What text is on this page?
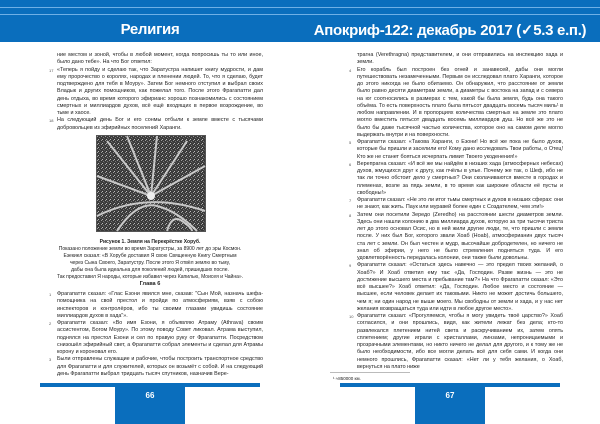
Религия
ние местом и зоной, чтобы в любой момент, когда попросишь ты то или иное, было дано тебе». На что Бог ответил:
17 «Теперь я пойду и сделаю так, что Заратустра напишет книгу мудрости, и дам ему пророчество о королях, народах и пленении людей. То, что я сделаю, будет подтверждено для тебя в Моуру». Затем Бог немного отступил и выбрал своих Владык и других помощников, как пожелал того. После этого Фрагапатти дал день отдыха, во время которого эфирианс хорошо познакомились с состоянием смертных и миллиардов духов, всё ещё входящих в первое возрождение, во тьме и хаосе.
18 На следующий день Бог и его сонмы отбыли к земле вместе с тысячами добровольцев из эфирийных поселений Харанги.
Рисунок 1. Земля на Перекрёстке Хоруб.
Показано положение земли во время Заратустры, за 8900 лет до эры Космон.
Езекиел сказал: «В Хорубе доставил Я свою Священную Книгу Смертным
через Сына Своего, Заратустру. После этого Я отвёл землю во тьму,
дабы она была идеальна для поколений людей, пришедших после.
Так предоставил Я народы, которые избавил через Капилью, Моисея и Чайна».
Глава 6
1 Фрагапатти сказал: «Глас Езони явился мне, сказав: "Сын Мой, назначь шефа-помощника на свой престол и пройди по атмосфериям, взяв с собою инспекторов и контролёров, ибо ты своими глазами увидишь состояние миллиардов духов в хада"».
2 Фрагапатти сказал: «Во имя Езони, я объявляю Атраму (Athrava) своим ассистентом, Богом Моуру». По этому поводу Совет ликовал. Атрама выступил, поднялся на престол Езони и сел по правую руку от Фрагапатти. Посредством снизошёл эфирийный свет, а Фрагапатти собрал элементы и сделал для Атрамы корону и короновал его.
3 Были отправлены служащие и рабочие, чтобы построить транспортное средство для Фрагапатти и для служителей, которых он возьмёт с собой. И на следующий день Фрагапатти выбрал тридцать тысяч спутников, назначив Вере-
66
Апокриф-122: декабрь 2017 (✓5.3 е.п.)
трагна (Verethragna) представителем, и они отправились на инспекцию хада и земли.
4 Его корабль был построен без огней и занавесей, дабы они могли путешествовать незамеченными. Первым он исследовал плато Харанги, которое до этого никогда не было обитаемо. Он обнаружил, что расстояние от земли было равно десяти диаметрам земли, а диаметры с востока на запад и с севера на юг соотносились в размерах с тем, какой бы была земля, будь она такого объёма. То есть поверхность плато была пятьсот двадцать восемь тысяч миль¹ в любом направлении. И в пропорциях количества смертных на земле это плато могло вместить пятьсот двадцать восемь миллиардов душ. Но всё же это не было бы даже тысячной частью количества, которое оно на самом деле могло выдержать внутри и на поверхности.
5 Фрагапатти сказал: «Такова Харанги, о Езони! Но всё же пока не было духов, которые бы пришли и заселили его! Кому дано исследовать Твои работы, о Отец! Кто же не станет бояться исчерпать лимит Твоего укоденения!»
6 Верепрагна сказал: «И всё же мы найдём в низших хада (атмосферных небесах) духов, жмущихся друг к другу, как пчёлы в улье. Почему же так, о Шеф, ибо не так ли точно обстоит дело у смертных? Они сколачиваются вместе в городах и племенах, возле за пядь земли, в то время как широкие области её пусты и свободны!»
7 Фрагапатти сказал: «Не это ли итог тьмы смертных и духов в низших сферах: они не знают, как жить. Паук или муравей более един с Создателем, чем эти!»
8 Затем они посетили Зередо (Zeredho) на расстоянии шести диаметров земли. Здесь они нашли колонию в два миллиарда духов, которую за три тысячи триста лет до этого основал Осис, но в ней жили другие люди, те, что пришли с земли после. У них был Бог, которого звали Хоаб (Hoab), атмосферианин двух тысяч ста лет с земли. Он был честен и мудр, высочайше добродетелен, но ничего не знал об эфирии, у него не было стремления подняться туда. И его удовлетворённость передалась колонии, они также были довольны.
9 Фрагапатти сказал: «Остаться здесь навечно — это предел твоих желаний, о Хоаб?» И Хоаб ответил ему так: «Да, Господин. Разве жизнь — это не достижение высшего места и пребывание там?» На что Фрагапатти сказал: «Это всё высшее?» Хоаб ответил: «Да, Господин. Любое место и состояние — высшее, если человек делает их таковыми. Никто не может достичь большего, чем я; ни один народ не выше моего. Мы свободны от земли и хада, и у нас нет желания возвращаться туда или идти в любое другое место».
10 Фрагапатти сказал: «Прогуляемся, чтобы я могу увидеть твоё царство?» Хоаб согласился, и они прошлись, видя, как жители лежат без дела; кто-то развлекался плетением нитей света и раскручиванием их, затем опять сплетением; другие играли с кристаллами, линзами, непроницаемыми и прозрачными элементами, но никто ничего не делал для другого, и к тому же не было необходимости, ибо все могли делать всё для себя сами. И когда они немного прошлись, Фрагапатти сказал: «Нет ли у тебя желания, о Хоаб, вернуться на плато ниже
¹ ≈850000 км.
67
